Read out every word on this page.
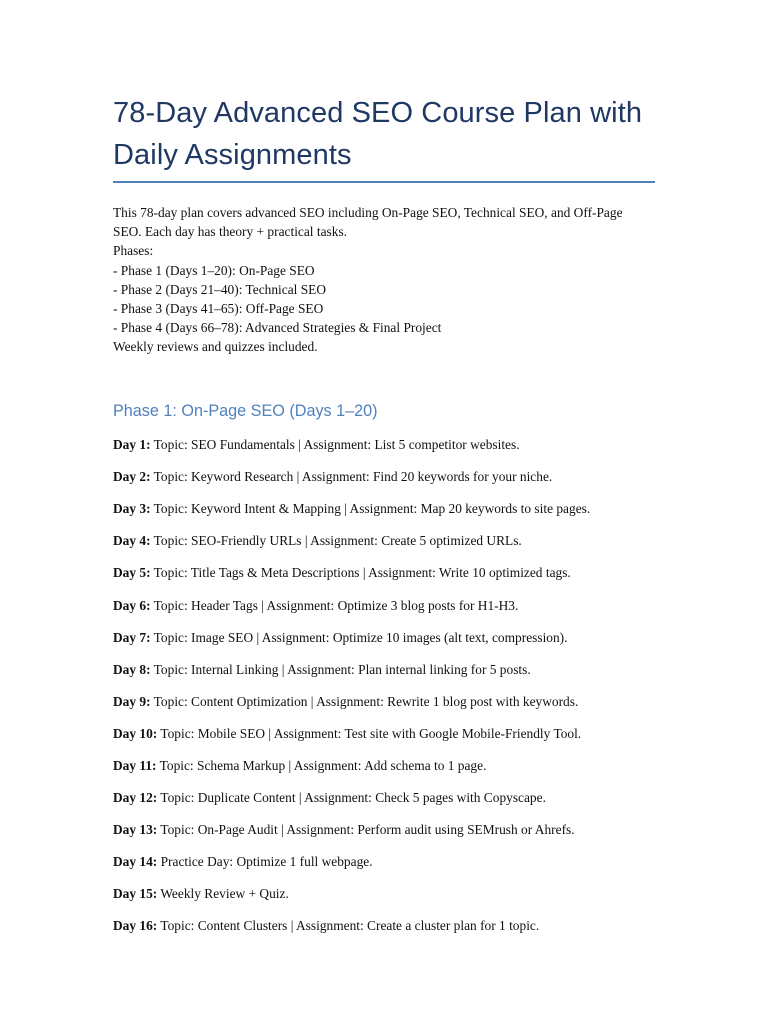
78-Day Advanced SEO Course Plan with
Daily Assignments
This 78-day plan covers advanced SEO including On-Page SEO, Technical SEO, and Off-Page
SEO. Each day has theory + practical tasks.
Phases:
- Phase 1 (Days 1–20): On-Page SEO
- Phase 2 (Days 21–40): Technical SEO
- Phase 3 (Days 41–65): Off-Page SEO
- Phase 4 (Days 66–78): Advanced Strategies & Final Project
Weekly reviews and quizzes included.
Phase 1: On-Page SEO (Days 1–20)
Day 1: Topic: SEO Fundamentals | Assignment: List 5 competitor websites.
Day 2: Topic: Keyword Research | Assignment: Find 20 keywords for your niche.
Day 3: Topic: Keyword Intent & Mapping | Assignment: Map 20 keywords to site pages.
Day 4: Topic: SEO-Friendly URLs | Assignment: Create 5 optimized URLs.
Day 5: Topic: Title Tags & Meta Descriptions | Assignment: Write 10 optimized tags.
Day 6: Topic: Header Tags | Assignment: Optimize 3 blog posts for H1-H3.
Day 7: Topic: Image SEO | Assignment: Optimize 10 images (alt text, compression).
Day 8: Topic: Internal Linking | Assignment: Plan internal linking for 5 posts.
Day 9: Topic: Content Optimization | Assignment: Rewrite 1 blog post with keywords.
Day 10: Topic: Mobile SEO | Assignment: Test site with Google Mobile-Friendly Tool.
Day 11: Topic: Schema Markup | Assignment: Add schema to 1 page.
Day 12: Topic: Duplicate Content | Assignment: Check 5 pages with Copyscape.
Day 13: Topic: On-Page Audit | Assignment: Perform audit using SEMrush or Ahrefs.
Day 14: Practice Day: Optimize 1 full webpage.
Day 15: Weekly Review + Quiz.
Day 16: Topic: Content Clusters | Assignment: Create a cluster plan for 1 topic.
